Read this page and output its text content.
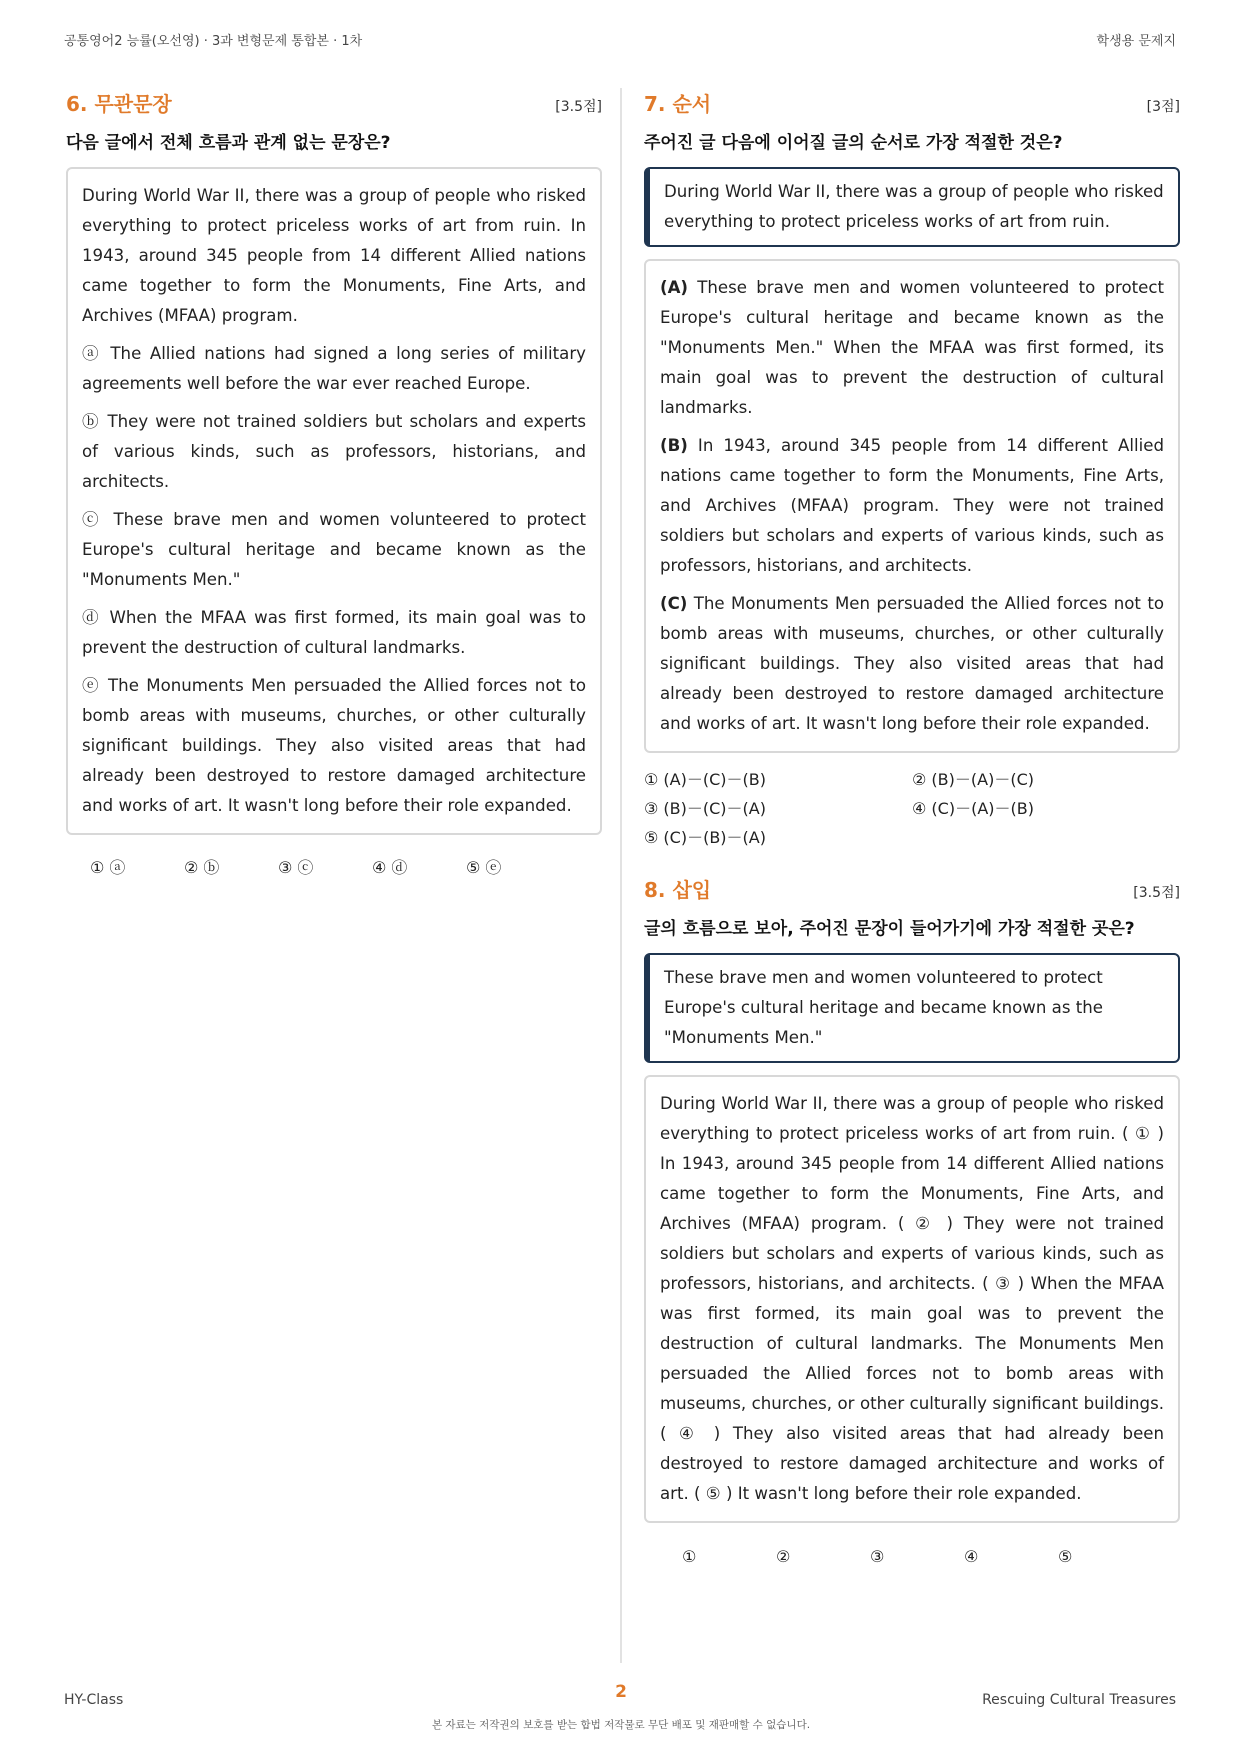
공통영어2 능률(오선영) · 3과 변형문제 통합본 · 1차	학생용 문제지
6. 무관문장	[3.5점]
다음 글에서 전체 흐름과 관계 없는 문장은?

During World War II, there was a group of people who risked everything to protect priceless works of art from ruin. In 1943, around 345 people from 14 different Allied nations came together to form the Monuments, Fine Arts, and Archives (MFAA) program.

ⓐ The Allied nations had signed a long series of military agreements well before the war ever reached Europe.

ⓑ They were not trained soldiers but scholars and experts of various kinds, such as professors, historians, and architects.

ⓒ These brave men and women volunteered to protect Europe's cultural heritage and became known as the "Monuments Men."

ⓓ When the MFAA was first formed, its main goal was to prevent the destruction of cultural landmarks.

ⓔ The Monuments Men persuaded the Allied forces not to bomb areas with museums, churches, or other culturally significant buildings. They also visited areas that had already been destroyed to restore damaged architecture and works of art. It wasn't long before their role expanded.

① ⓐ	② ⓑ	③ ⓒ	④ ⓓ	⑤ ⓔ
7. 순서	[3점]
주어진 글 다음에 이어질 글의 순서로 가장 적절한 것은?
During World War II, there was a group of people who risked everything to protect priceless works of art from ruin.

(A) These brave men and women volunteered to protect Europe's cultural heritage and became known as the "Monuments Men." When the MFAA was first formed, its main goal was to prevent the destruction of cultural landmarks.

(B) In 1943, around 345 people from 14 different Allied nations came together to form the Monuments, Fine Arts, and Archives (MFAA) program. They were not trained soldiers but scholars and experts of various kinds, such as professors, historians, and architects.

(C) The Monuments Men persuaded the Allied forces not to bomb areas with museums, churches, or other culturally significant buildings. They also visited areas that had already been destroyed to restore damaged architecture and works of art. It wasn't long before their role expanded.

① (A)－(C)－(B)	② (B)－(A)－(C)
③ (B)－(C)－(A)	④ (C)－(A)－(B)
⑤ (C)－(B)－(A)
8. 삽입	[3.5점]
글의 흐름으로 보아, 주어진 문장이 들어가기에 가장 적절한 곳은?
These brave men and women volunteered to protect Europe's cultural heritage and became known as the "Monuments Men."

During World War II, there was a group of people who risked everything to protect priceless works of art from ruin. ( ① ) In 1943, around 345 people from 14 different Allied nations came together to form the Monuments, Fine Arts, and Archives (MFAA) program. ( ② ) They were not trained soldiers but scholars and experts of various kinds, such as professors, historians, and architects. ( ③ ) When the MFAA was first formed, its main goal was to prevent the destruction of cultural landmarks. The Monuments Men persuaded the Allied forces not to bomb areas with museums, churches, or other culturally significant buildings. ( ④ ) They also visited areas that had already been destroyed to restore damaged architecture and works of art. ( ⑤ ) It wasn't long before their role expanded.

①	②	③	④	⑤
HY-Class	2	Rescuing Cultural Treasures
본 자료는 저작권의 보호를 받는 합법 저작물로 무단 배포 및 재판매할 수 없습니다.
